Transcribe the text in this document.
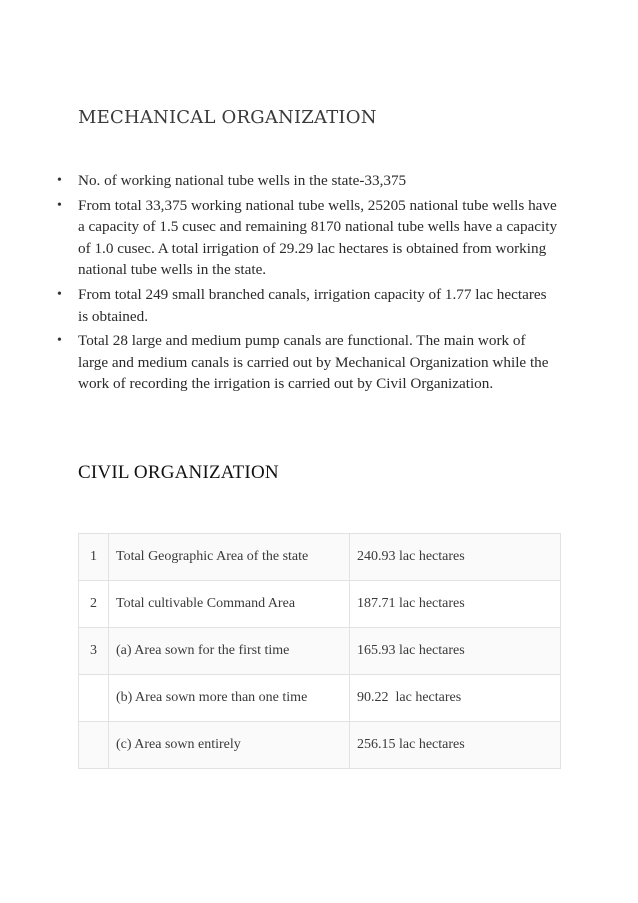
MECHANICAL ORGANIZATION
• No. of working national tube wells in the state-33,375
• From total 33,375 working national tube wells, 25205 national tube wells have a capacity of 1.5 cusec and remaining 8170 national tube wells have a capacity of 1.0 cusec. A total irrigation of 29.29 lac hectares is obtained from working national tube wells in the state.
• From total 249 small branched canals, irrigation capacity of 1.77 lac hectares is obtained.
• Total 28 large and medium pump canals are functional. The main work of large and medium canals is carried out by Mechanical Organization while the work of recording the irrigation is carried out by Civil Organization.
CIVIL ORGANIZATION
1	Total Geographic Area of the state	240.93 lac hectares
2	Total cultivable Command Area	187.71 lac hectares
3	(a) Area sown for the first time	165.93 lac hectares
	(b) Area sown more than one time	90.22  lac hectares
	(c) Area sown entirely	256.15 lac hectares
